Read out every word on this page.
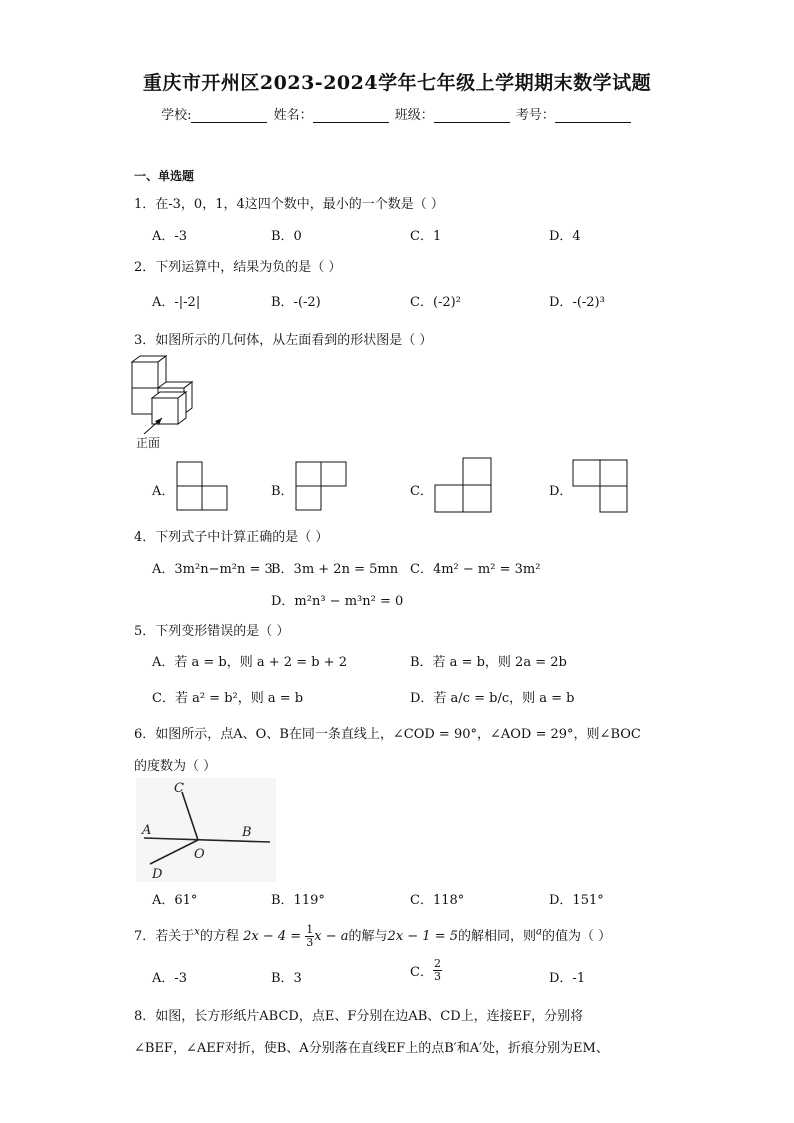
重庆市开州区2023-2024学年七年级上学期期末数学试题
学校:	姓名：	班级：	考号：
一、单选题
1．在-3，0，1，4这四个数中，最小的一个数是（ ）
A．-3	B．0	C．1	D．4
2．下列运算中，结果为负的是（ ）
A．-|-2|	B．-(-2)	C．(-2)²	D．-(-2)³
3．如图所示的几何体，从左面看到的形状图是（ ）
正面
A．	B．	C．	D．
4．下列式子中计算正确的是（ ）
A．3m²n−m²n = 3
B．3m + 2n = 5mn C．4m² − m² = 3m²
D．m²n³ − m³n² = 0
5．下列变形错误的是（ ）
A．若 a = b，则 a + 2 = b + 2	B．若 a = b，则 2a = 2b
C．若 a² = b²，则 a = b	D．若 a/c = b/c，则 a = b
6．如图所示，点A、O、B在同一条直线上，∠COD = 90°，∠AOD = 29°，则∠BOC
的度数为（ ）
C
A	B
O
D
A．61°	B．119°	C．118°	D．151°
7．若关于$^x$的方程 $2x - 4 = \frac{1}{3}$ x − a的解与2x − 1 = 5的解相同，则$^a$的值为（ ）
A．-3	B．3	C． $\frac{2}{3}$	D．-1
8．如图，长方形纸片ABCD，点E、F分别在边AB、CD上，连接EF，分别将
∠BEF，∠AEF对折，使B、A分别落在直线EF上的点B′和A′处，折痕分别为EM、
